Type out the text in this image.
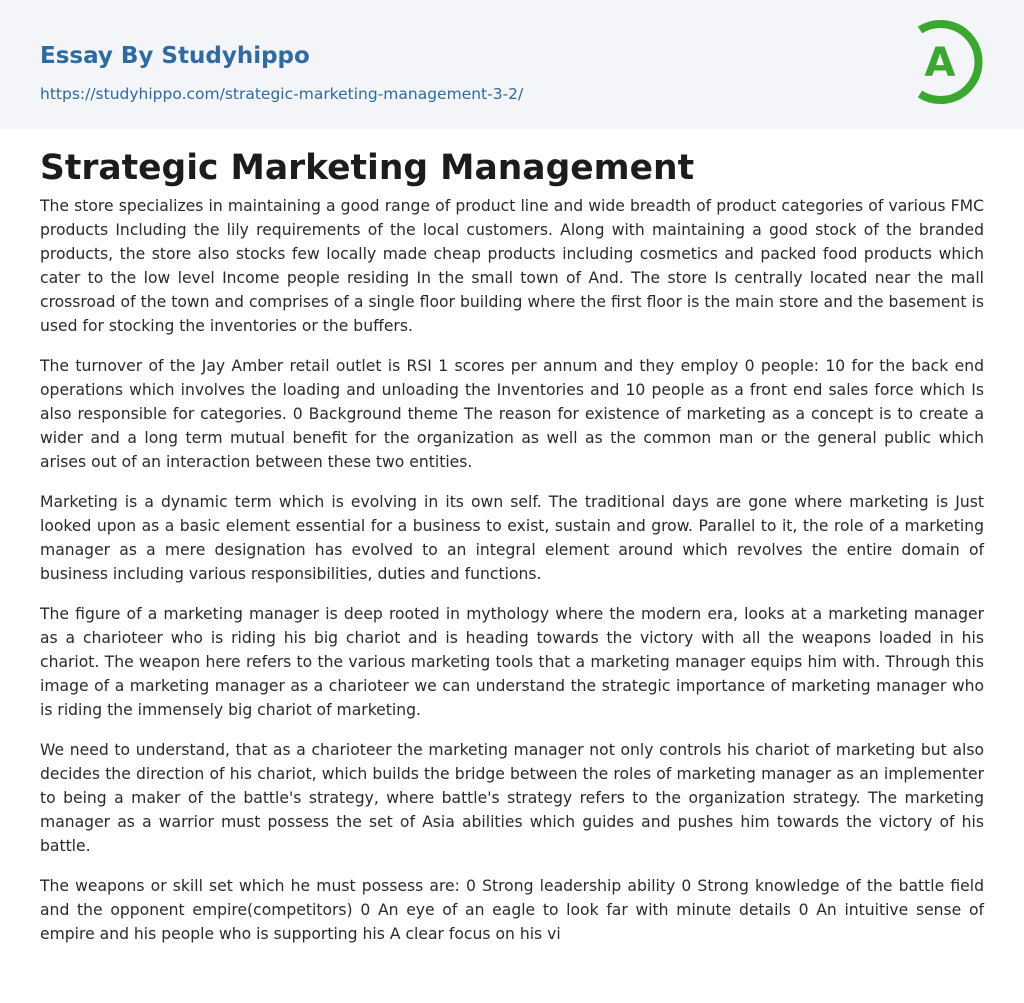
Essay By Studyhippo
https://studyhippo.com/strategic-marketing-management-3-2/
A
Strategic Marketing Management

The store specializes in maintaining a good range of product line and wide breadth of product categories of various FMC products Including the lily requirements of the local customers. Along with maintaining a good stock of the branded products, the store also stocks few locally made cheap products including cosmetics and packed food products which cater to the low level Income people residing In the small town of And. The store Is centrally located near the mall crossroad of the town and comprises of a single floor building where the first floor is the main store and the basement is used for stocking the inventories or the buffers.

The turnover of the Jay Amber retail outlet is RSI 1 scores per annum and they employ 0 people: 10 for the back end operations which involves the loading and unloading the Inventories and 10 people as a front end sales force which Is also responsible for categories. 0 Background theme The reason for existence of marketing as a concept is to create a wider and a long term mutual benefit for the organization as well as the common man or the general public which arises out of an interaction between these two entities.

Marketing is a dynamic term which is evolving in its own self. The traditional days are gone where marketing is Just looked upon as a basic element essential for a business to exist, sustain and grow. Parallel to it, the role of a marketing manager as a mere designation has evolved to an integral element around which revolves the entire domain of business including various responsibilities, duties and functions.

The figure of a marketing manager is deep rooted in mythology where the modern era, looks at a marketing manager as a charioteer who is riding his big chariot and is heading towards the victory with all the weapons loaded in his chariot. The weapon here refers to the various marketing tools that a marketing manager equips him with. Through this image of a marketing manager as a charioteer we can understand the strategic importance of marketing manager who is riding the immensely big chariot of marketing.

We need to understand, that as a charioteer the marketing manager not only controls his chariot of marketing but also decides the direction of his chariot, which builds the bridge between the roles of marketing manager as an implementer to being a maker of the battle's strategy, where battle's strategy refers to the organization strategy. The marketing manager as a warrior must possess the set of Asia abilities which guides and pushes him towards the victory of his battle.

The weapons or skill set which he must possess are: 0 Strong leadership ability 0 Strong knowledge of the battle field and the opponent empire(competitors) 0 An eye of an eagle to look far with minute details 0 An intuitive sense of empire and his people who is supporting his A clear focus on his vi
